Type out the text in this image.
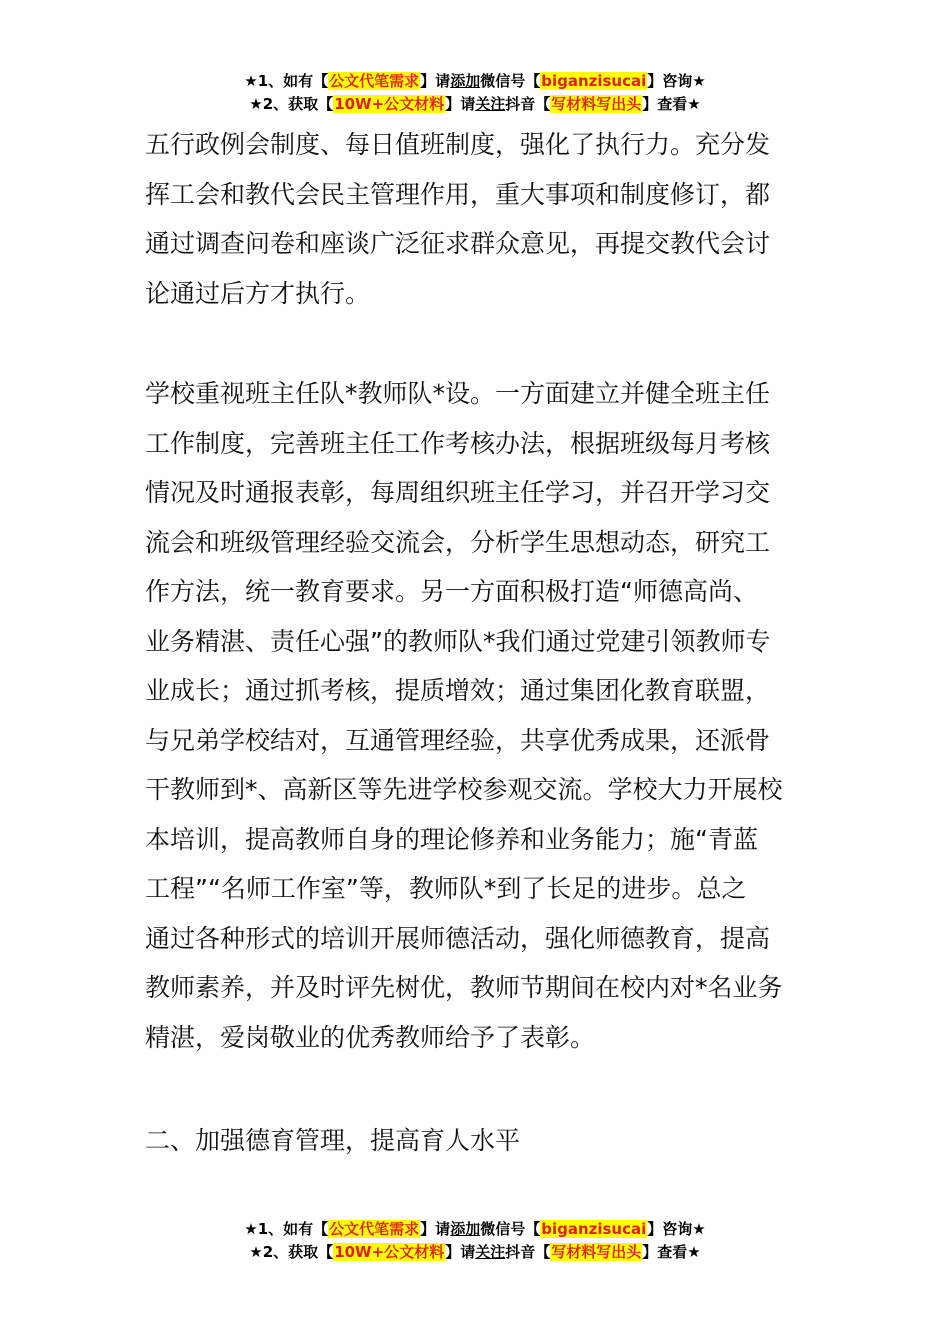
★1、如有【公文代笔需求】请添加微信号【biganzisucai】咨询★
★2、获取【10W+公文材料】请关注抖音【写材料写出头】查看★
五行政例会制度、每日值班制度，强化了执行力。充分发
挥工会和教代会民主管理作用，重大事项和制度修订，都
通过调查问卷和座谈广泛征求群众意见，再提交教代会讨
论通过后方才执行。
学校重视班主任队*教师队*设。一方面建立并健全班主任
工作制度，完善班主任工作考核办法，根据班级每月考核
情况及时通报表彰，每周组织班主任学习，并召开学习交
流会和班级管理经验交流会，分析学生思想动态，研究工
作方法，统一教育要求。另一方面积极打造“师德高尚、
业务精湛、责任心强”的教师队*我们通过党建引领教师专
业成长；通过抓考核，提质增效；通过集团化教育联盟，
与兄弟学校结对，互通管理经验，共享优秀成果，还派骨
干教师到*、高新区等先进学校参观交流。学校大力开展校
本培训，提高教师自身的理论修养和业务能力；施“青蓝
工程”“名师工作室”等，教师队*到了长足的进步。总之
通过各种形式的培训开展师德活动，强化师德教育，提高
教师素养，并及时评先树优，教师节期间在校内对*名业务
精湛，爱岗敬业的优秀教师给予了表彰。
二、加强德育管理，提高育人水平
★1、如有【公文代笔需求】请添加微信号【biganzisucai】咨询★
★2、获取【10W+公文材料】请关注抖音【写材料写出头】查看★
